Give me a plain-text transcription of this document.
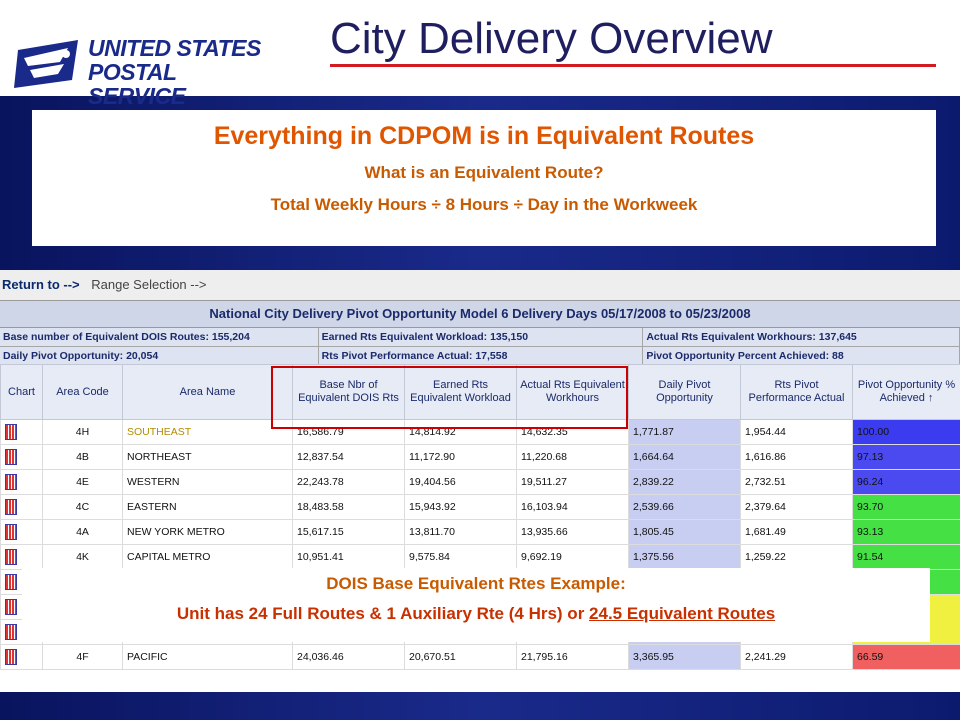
UNITED STATES
POSTAL SERVICE
City Delivery Overview
Everything in CDPOM is in Equivalent Routes
What is an Equivalent Route?
Total Weekly Hours ÷ 8 Hours ÷ Day in the Workweek
Return to --> Range Selection -->
National City Delivery Pivot Opportunity Model 6 Delivery Days 05/17/2008 to 05/23/2008
Base number of Equivalent DOIS Routes: 155,204	Earned Rts Equivalent Workload: 135,150	Actual Rts Equivalent Workhours: 137,645
Daily Pivot Opportunity: 20,054	Rts Pivot Performance Actual: 17,558	Pivot Opportunity Percent Achieved: 88
Chart	Area Code	Area Name	Base Nbr of Equivalent DOIS Rts	Earned Rts Equivalent Workload	Actual Rts Equivalent Workhours	Daily Pivot Opportunity	Rts Pivot Performance Actual	Pivot Opportunity % Achieved ↑
	4H	SOUTHEAST	16,586.79	14,814.92	14,632.35	1,771.87	1,954.44	100.00
	4B	NORTHEAST	12,837.54	11,172.90	11,220.68	1,664.64	1,616.86	97.13
	4E	WESTERN	22,243.78	19,404.56	19,511.27	2,839.22	2,732.51	96.24
	4C	EASTERN	18,483.58	15,943.92	16,103.94	2,539.66	2,379.64	93.70
	4A	NEW YORK METRO	15,617.15	13,811.70	13,935.66	1,805.45	1,681.49	93.13
	4K	CAPITAL METRO	10,951.41	9,575.84	9,692.19	1,375.56	1,259.22	91.54

	4F	PACIFIC	24,036.46	20,670.51	21,795.16	3,365.95	2,241.29	66.59
DOIS Base Equivalent Rtes Example:
Unit has 24 Full Routes & 1 Auxiliary Rte (4 Hrs) or 24.5 Equivalent Routes
